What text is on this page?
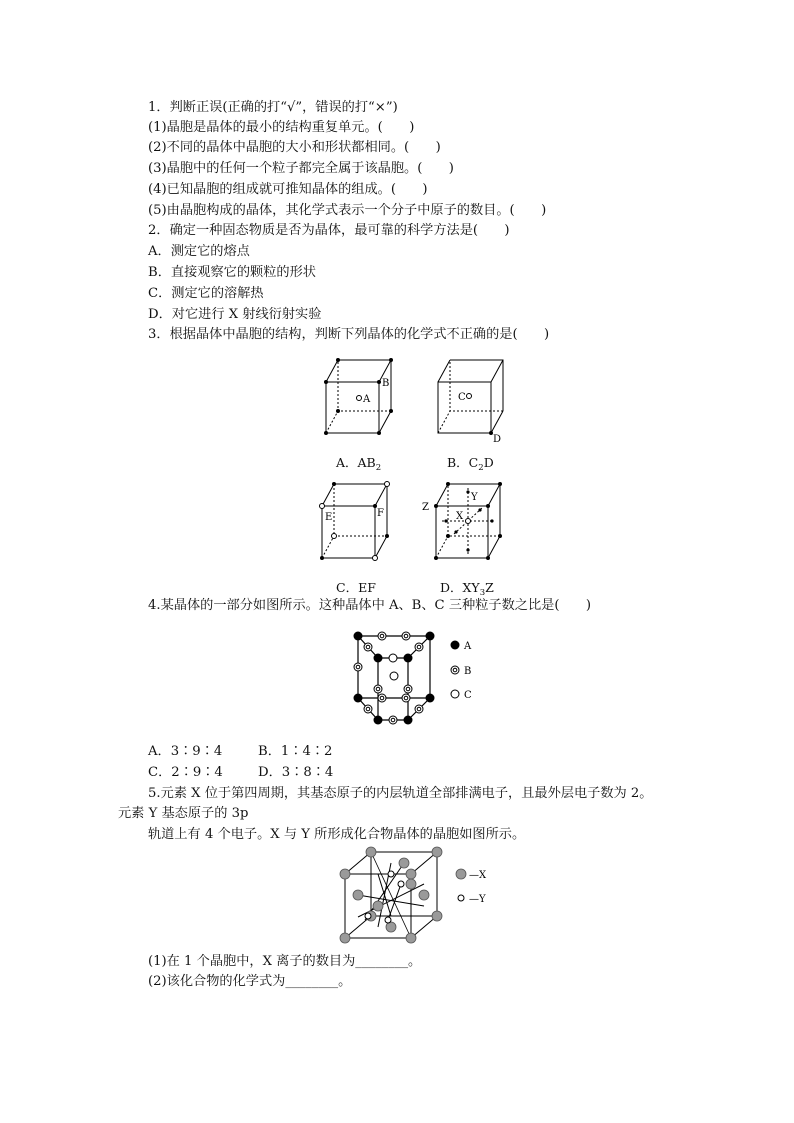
1．判断正误(正确的打“√”，错误的打“×”)
(1)晶胞是晶体的最小的结构重复单元。(　　)
(2)不同的晶体中晶胞的大小和形状都相同。(　　)
(3)晶胞中的任何一个粒子都完全属于该晶胞。(　　)
(4)已知晶胞的组成就可推知晶体的组成。(　　)
(5)由晶胞构成的晶体，其化学式表示一个分子中原子的数目。(　　)
2．确定一种固态物质是否为晶体，最可靠的科学方法是(　　)
A．测定它的熔点
B．直接观察它的颗粒的形状
C．测定它的溶解热
D．对它进行 X 射线衍射实验
3．根据晶体中晶胞的结构，判断下列晶体的化学式不正确的是(　　)
A
B
A．$AB_2$
C
D
B．$C_2D$
E	F
C．EF
Z
Y
X
D．$XY_3Z$
4.某晶体的一部分如图所示。这种晶体中 A、B、C 三种粒子数之比是(　　)
A
B
C
A．3∶9∶4	B．1∶4∶2
C．2∶9∶4	D．3∶8∶4
5.元素 X 位于第四周期，其基态原子的内层轨道全部排满电子，且最外层电子数为 2。
元素 Y 基态原子的 3p
轨道上有 4 个电子。X 与 Y 所形成化合物晶体的晶胞如图所示。
—X
—Y
(1)在 1 个晶胞中，X 离子的数目为________。
(2)该化合物的化学式为________。
